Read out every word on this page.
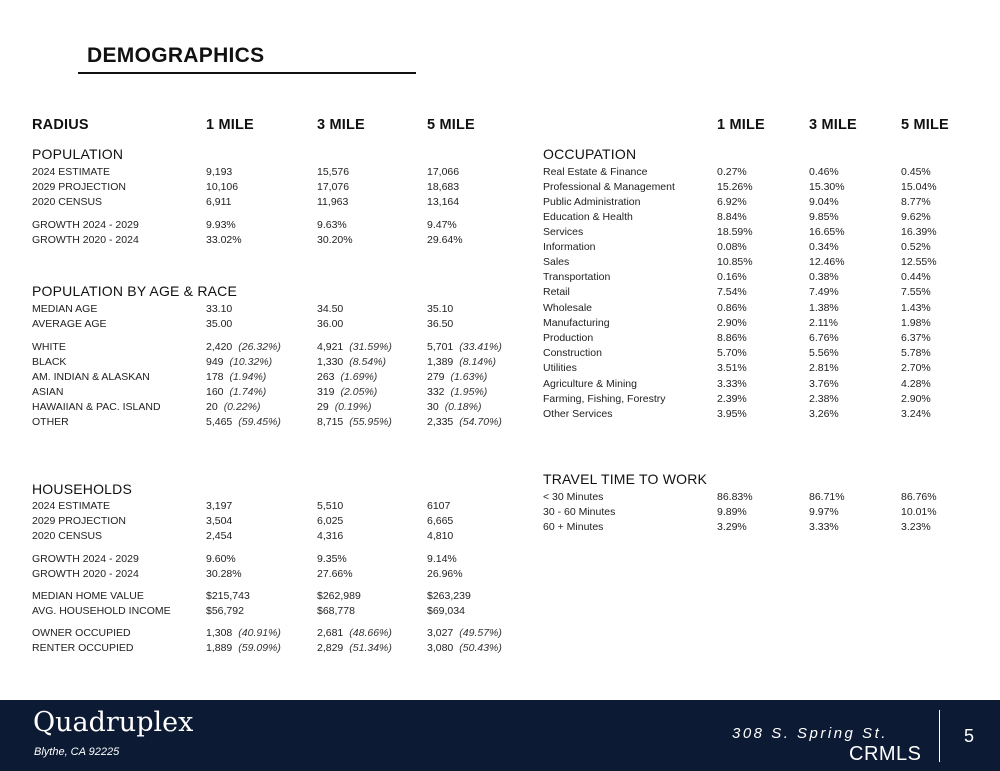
DEMOGRAPHICS
RADIUS	1 MILE	3 MILE	5 MILE	1 MILE	3 MILE	5 MILE
POPULATION
POPULATION BY AGE & RACE
HOUSEHOLDS
OCCUPATION
TRAVEL TIME TO WORK
2024 ESTIMATE	9,193	15,576	17,066
2029 PROJECTION	10,106	17,076	18,683
2020 CENSUS	6,911	11,963	13,164
GROWTH 2024 - 2029	9.93%	9.63%	9.47%
GROWTH 2020 - 2024	33.02%	30.20%	29.64%
MEDIAN AGE	33.10	34.50	35.10
AVERAGE AGE	35.00	36.00	36.50
WHITE	2,420 (26.32%)	4,921 (31.59%)	5,701 (33.41%)
BLACK	949 (10.32%)	1,330 (8.54%)	1,389 (8.14%)
AM. INDIAN & ALASKAN	178 (1.94%)	263 (1.69%)	279 (1.63%)
ASIAN	160 (1.74%)	319 (2.05%)	332 (1.95%)
HAWAIIAN & PAC. ISLAND	20 (0.22%)	29 (0.19%)	30 (0.18%)
OTHER	5,465 (59.45%)	8,715 (55.95%)	2,335 (54.70%)
2024 ESTIMATE	3,197	5,510	6107
2029 PROJECTION	3,504	6,025	6,665
2020 CENSUS	2,454	4,316	4,810
GROWTH 2024 - 2029	9.60%	9.35%	9.14%
GROWTH 2020 - 2024	30.28%	27.66%	26.96%
MEDIAN HOME VALUE	$215,743	$262,989	$263,239
AVG. HOUSEHOLD INCOME	$56,792	$68,778	$69,034
OWNER OCCUPIED	1,308 (40.91%)	2,681 (48.66%)	3,027 (49.57%)
RENTER OCCUPIED	1,889 (59.09%)	2,829 (51.34%)	3,080 (50.43%)
Real Estate & Finance	0.27%	0.46%	0.45%
Professional & Management	15.26%	15.30%	15.04%
Public Administration	6.92%	9.04%	8.77%
Education & Health	8.84%	9.85%	9.62%
Services	18.59%	16.65%	16.39%
Information	0.08%	0.34%	0.52%
Sales	10.85%	12.46%	12.55%
Transportation	0.16%	0.38%	0.44%
Retail	7.54%	7.49%	7.55%
Wholesale	0.86%	1.38%	1.43%
Manufacturing	2.90%	2.11%	1.98%
Production	8.86%	6.76%	6.37%
Construction	5.70%	5.56%	5.78%
Utilities	3.51%	2.81%	2.70%
Agriculture & Mining	3.33%	3.76%	4.28%
Farming, Fishing, Forestry	2.39%	2.38%	2.90%
Other Services	3.95%	3.26%	3.24%
< 30 Minutes	86.83%	86.71%	86.76%
30 - 60 Minutes	9.89%	9.97%	10.01%
60 + Minutes	3.29%	3.33%	3.23%
Quadruplex
Blythe, CA 92225
308 S. Spring St.
CRMLS
5
